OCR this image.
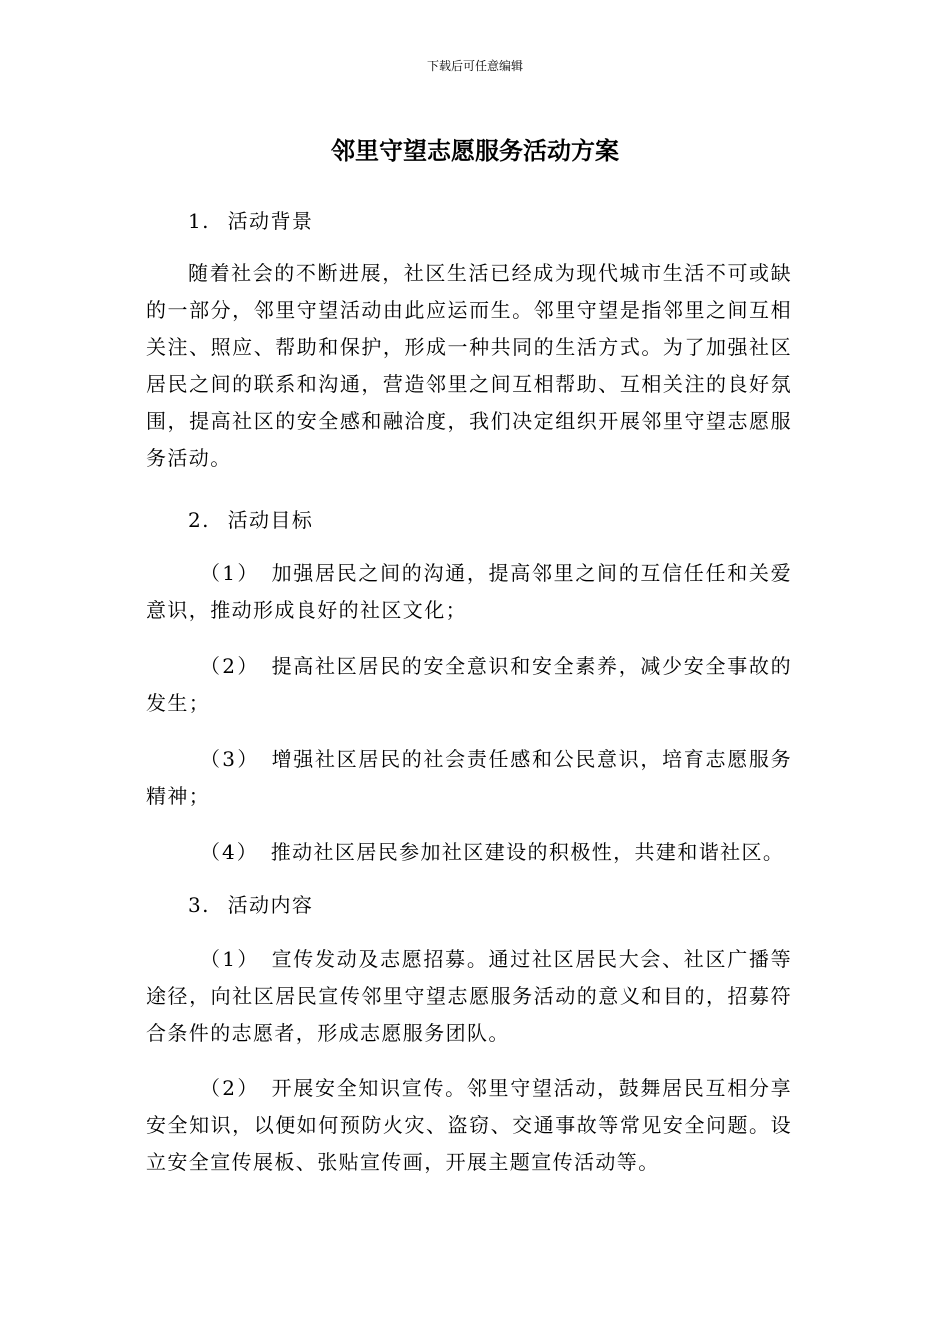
下载后可任意编辑
邻里守望志愿服务活动方案
1. 活动背景

随着社会的不断进展，社区生活已经成为现代城市生活不可或缺的一部分，邻里守望活动由此应运而生。邻里守望是指邻里之间互相关注、照应、帮助和保护，形成一种共同的生活方式。为了加强社区居民之间的联系和沟通，营造邻里之间互相帮助、互相关注的良好氛围，提高社区的安全感和融洽度，我们决定组织开展邻里守望志愿服务活动。

2. 活动目标

（1） 加强居民之间的沟通，提高邻里之间的互信任任和关爱意识，推动形成良好的社区文化；

（2） 提高社区居民的安全意识和安全素养，减少安全事故的发生；

（3） 增强社区居民的社会责任感和公民意识，培育志愿服务精神；

（4） 推动社区居民参加社区建设的积极性，共建和谐社区。

3. 活动内容

（1） 宣传发动及志愿招募。通过社区居民大会、社区广播等途径，向社区居民宣传邻里守望志愿服务活动的意义和目的，招募符合条件的志愿者，形成志愿服务团队。

（2） 开展安全知识宣传。邻里守望活动，鼓舞居民互相分享安全知识，以便如何预防火灾、盗窃、交通事故等常见安全问题。设立安全宣传展板、张贴宣传画，开展主题宣传活动等。
